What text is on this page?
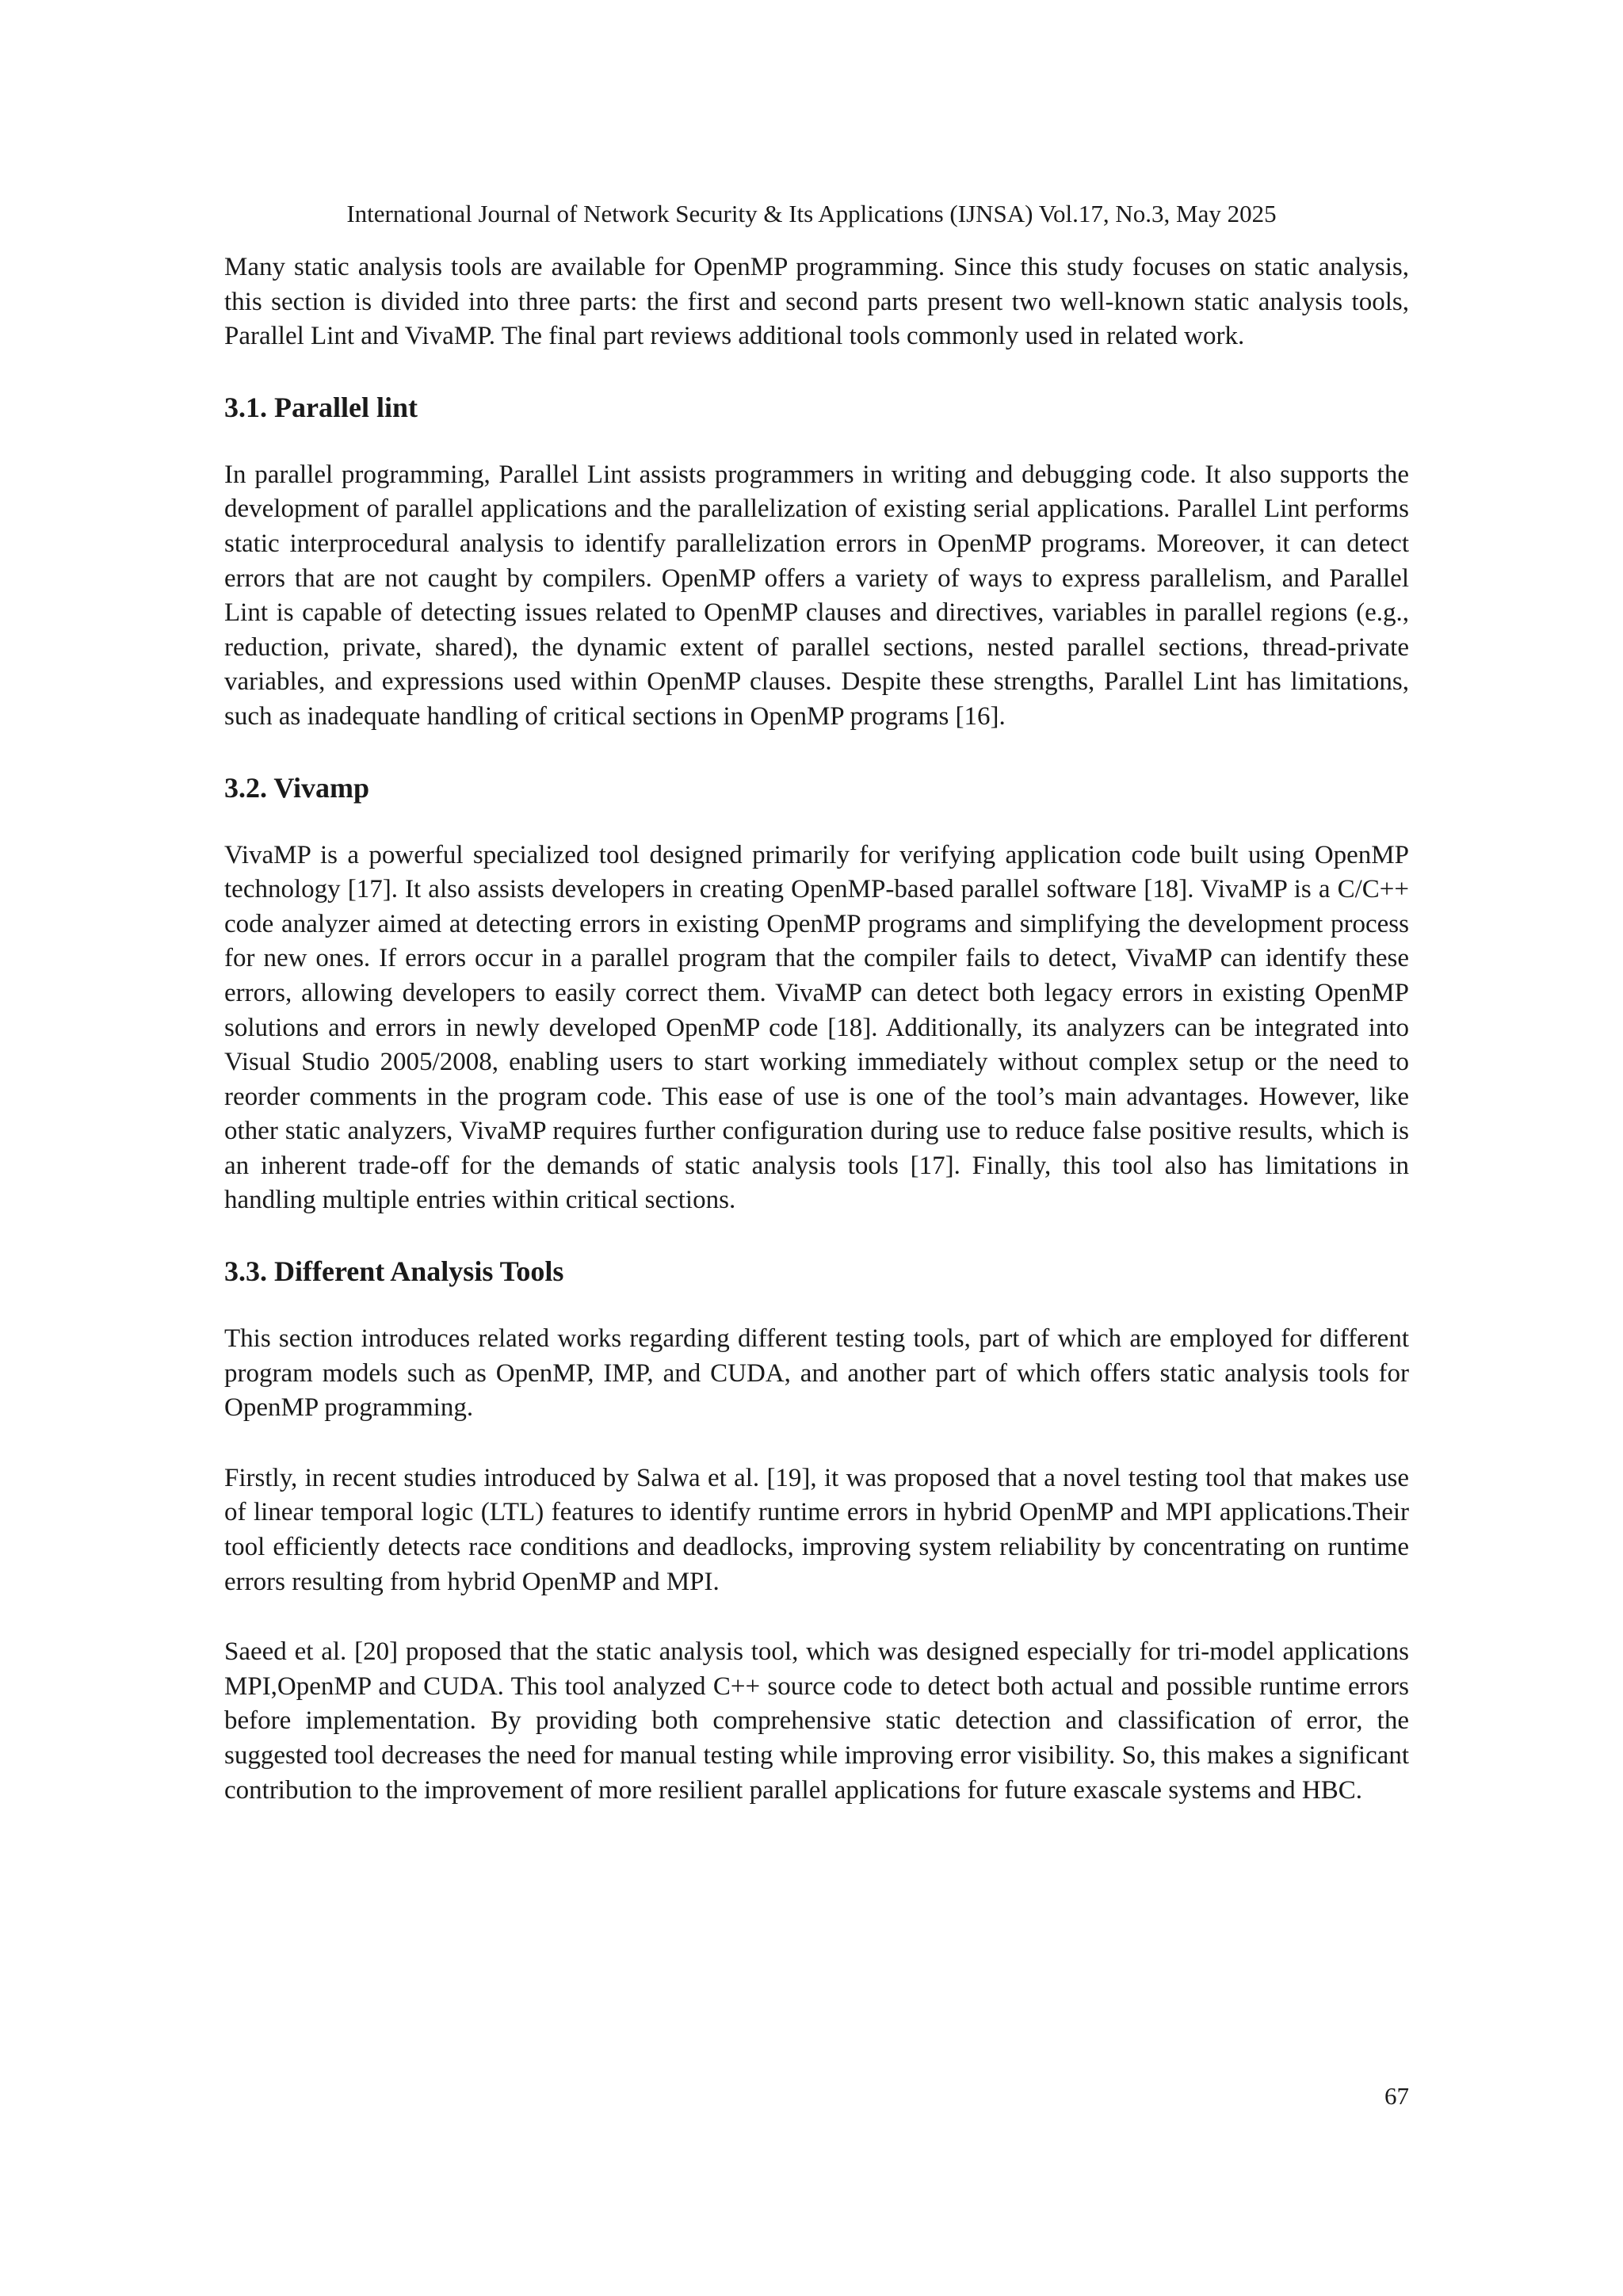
International Journal of Network Security & Its Applications (IJNSA) Vol.17, No.3, May 2025

Many static analysis tools are available for OpenMP programming. Since this study focuses on static analysis, this section is divided into three parts: the first and second parts present two well-known static analysis tools, Parallel Lint and VivaMP. The final part reviews additional tools commonly used in related work.

3.1. Parallel lint

In parallel programming, Parallel Lint assists programmers in writing and debugging code. It also supports the development of parallel applications and the parallelization of existing serial applications. Parallel Lint performs static interprocedural analysis to identify parallelization errors in OpenMP programs. Moreover, it can detect errors that are not caught by compilers. OpenMP offers a variety of ways to express parallelism, and Parallel Lint is capable of detecting issues related to OpenMP clauses and directives, variables in parallel regions (e.g., reduction, private, shared), the dynamic extent of parallel sections, nested parallel sections, thread-private variables, and expressions used within OpenMP clauses. Despite these strengths, Parallel Lint has limitations, such as inadequate handling of critical sections in OpenMP programs [16].

3.2. Vivamp

VivaMP is a powerful specialized tool designed primarily for verifying application code built using OpenMP technology [17]. It also assists developers in creating OpenMP-based parallel software [18]. VivaMP is a C/C++ code analyzer aimed at detecting errors in existing OpenMP programs and simplifying the development process for new ones. If errors occur in a parallel program that the compiler fails to detect, VivaMP can identify these errors, allowing developers to easily correct them. VivaMP can detect both legacy errors in existing OpenMP solutions and errors in newly developed OpenMP code [18]. Additionally, its analyzers can be integrated into Visual Studio 2005/2008, enabling users to start working immediately without complex setup or the need to reorder comments in the program code. This ease of use is one of the tool’s main advantages. However, like other static analyzers, VivaMP requires further configuration during use to reduce false positive results, which is an inherent trade-off for the demands of static analysis tools [17]. Finally, this tool also has limitations in handling multiple entries within critical sections.

3.3. Different Analysis Tools

This section introduces related works regarding different testing tools, part of which are employed for different program models such as OpenMP, IMP, and CUDA, and another part of which offers static analysis tools for OpenMP programming.

Firstly, in recent studies introduced by Salwa et al. [19], it was proposed that a novel testing tool that makes use of linear temporal logic (LTL) features to identify runtime errors in hybrid OpenMP and MPI applications.Their tool efficiently detects race conditions and deadlocks, improving system reliability by concentrating on runtime errors resulting from hybrid OpenMP and MPI.

Saeed et al. [20] proposed that the static analysis tool, which was designed especially for tri-model applications MPI,OpenMP and CUDA. This tool analyzed C++ source code to detect both actual and possible runtime errors before implementation. By providing both comprehensive static detection and classification of error, the suggested tool decreases the need for manual testing while improving error visibility. So, this makes a significant contribution to the improvement of more resilient parallel applications for future exascale systems and HBC.

67
